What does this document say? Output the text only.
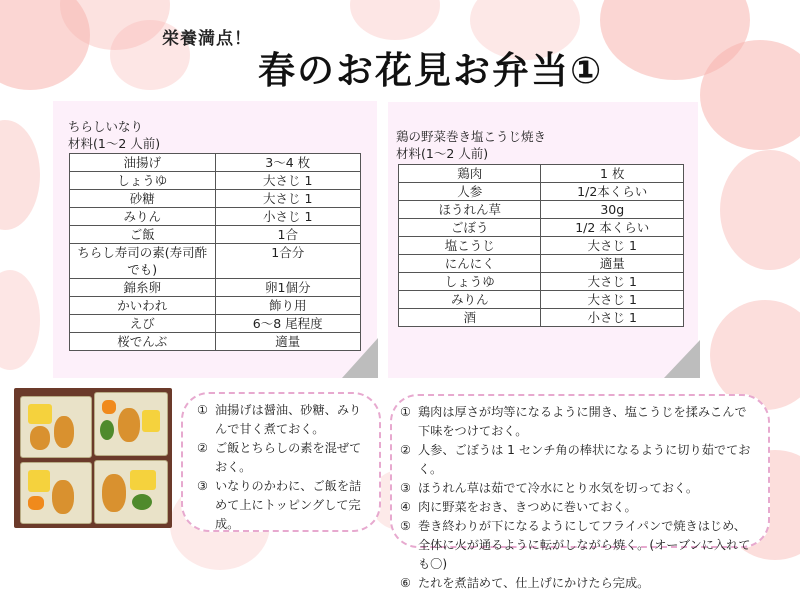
栄養満点！
春のお花見お弁当①
ちらしいなり
材料(1～2 人前)
油揚げ	3～4 枚
しょうゆ	大さじ 1
砂糖	大さじ 1
みりん	小さじ 1
ご飯	1合
ちらし寿司の素(寿司酢でも)	1合分
錦糸卵	卵1個分
かいわれ	飾り用
えび	6～8 尾程度
桜でんぶ	適量
鶏の野菜巻き塩こうじ焼き
材料(1～2 人前)
鶏肉	1 枚
人参	1/2本くらい
ほうれん草	30g
ごぼう	1/2 本くらい
塩こうじ	大さじ 1
にんにく	適量
しょうゆ	大さじ 1
みりん	大さじ 1
酒	小さじ 1
① 油揚げは醤油、砂糖、みりんで甘く煮ておく。
② ご飯とちらしの素を混ぜておく。
③ いなりのかわに、ご飯を詰めて上にトッピングして完成。
① 鶏肉は厚さが均等になるように開き、塩こうじを揉みこんで下味をつけておく。
② 人参、ごぼうは 1 センチ角の棒状になるように切り茹でておく。
③ ほうれん草は茹でて冷水にとり水気を切っておく。
④ 肉に野菜をおき、きつめに巻いておく。
⑤ 巻き終わりが下になるようにしてフライパンで焼きはじめ、全体に火が通るように転がしながら焼く。(オーブンに入れても〇)
⑥ たれを煮詰めて、仕上げにかけたら完成。
